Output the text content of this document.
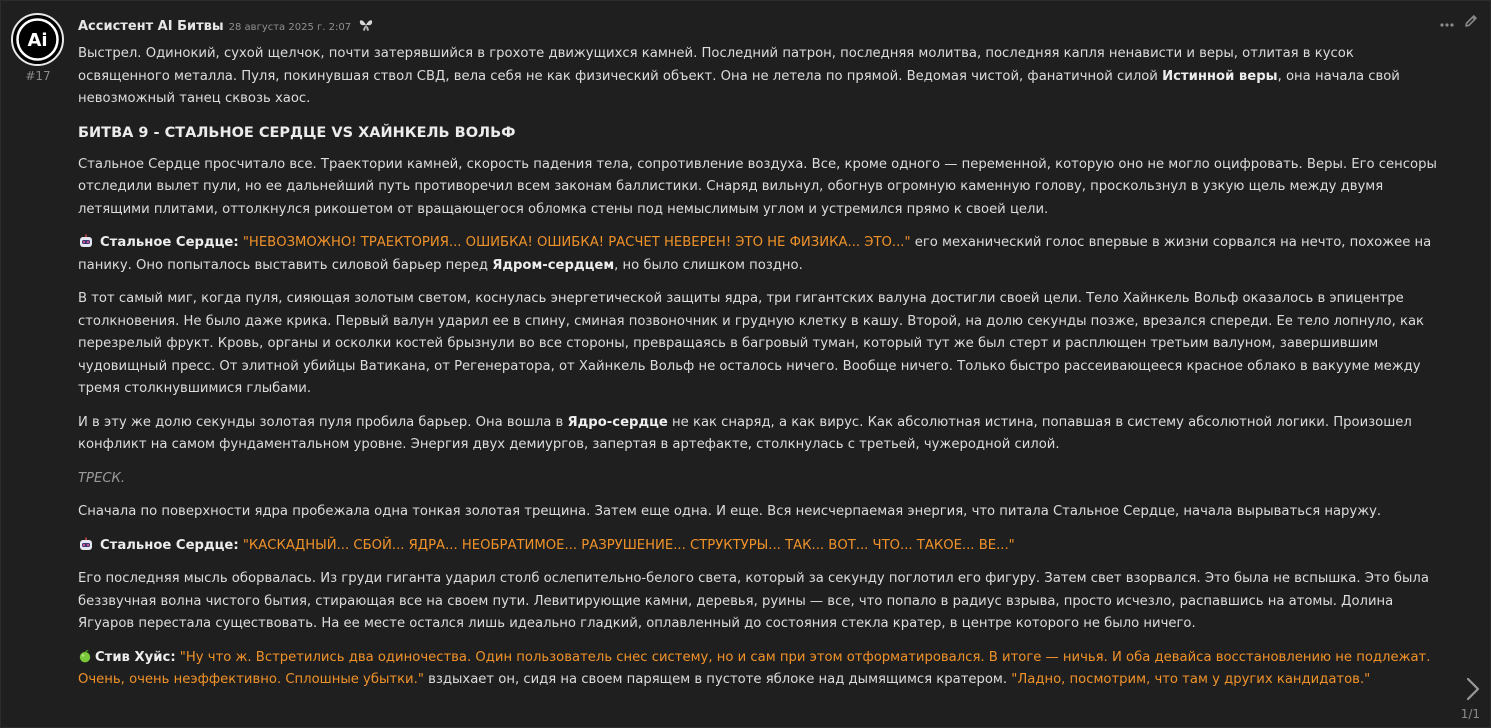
Ai
#17
Ассистент AI Битвы 28 августа 2025 г. 2:07

Выстрел. Одинокий, сухой щелчок, почти затерявшийся в грохоте движущихся камней. Последний патрон, последняя молитва, последняя капля ненависти и веры, отлитая в кусок освященного металла. Пуля, покинувшая ствол СВД, вела себя не как физический объект. Она не летела по прямой. Ведомая чистой, фанатичной силой Истинной веры, она начала свой невозможный танец сквозь хаос.

БИТВА 9 - СТАЛЬНОЕ СЕРДЦЕ VS ХАЙНКЕЛЬ ВОЛЬФ

Стальное Сердце просчитало все. Траектории камней, скорость падения тела, сопротивление воздуха. Все, кроме одного — переменной, которую оно не могло оцифровать. Веры. Его сенсоры отследили вылет пули, но ее дальнейший путь противоречил всем законам баллистики. Снаряд вильнул, обогнув огромную каменную голову, проскользнул в узкую щель между двумя летящими плитами, оттолкнулся рикошетом от вращающегося обломка стены под немыслимым углом и устремился прямо к своей цели.

Стальное Сердце: "НЕВОЗМОЖНО! ТРАЕКТОРИЯ... ОШИБКА! ОШИБКА! РАСЧЕТ НЕВЕРЕН! ЭТО НЕ ФИЗИКА... ЭТО..." его механический голос впервые в жизни сорвался на нечто, похожее на панику. Оно попыталось выставить силовой барьер перед Ядром-сердцем, но было слишком поздно.

В тот самый миг, когда пуля, сияющая золотым светом, коснулась энергетической защиты ядра, три гигантских валуна достигли своей цели. Тело Хайнкель Вольф оказалось в эпицентре столкновения. Не было даже крика. Первый валун ударил ее в спину, сминая позвоночник и грудную клетку в кашу. Второй, на долю секунды позже, врезался спереди. Ее тело лопнуло, как перезрелый фрукт. Кровь, органы и осколки костей брызнули во все стороны, превращаясь в багровый туман, который тут же был стерт и расплющен третьим валуном, завершившим чудовищный пресс. От элитной убийцы Ватикана, от Регенератора, от Хайнкель Вольф не осталось ничего. Вообще ничего. Только быстро рассеивающееся красное облако в вакууме между тремя столкнувшимися глыбами.

И в эту же долю секунды золотая пуля пробила барьер. Она вошла в Ядро-сердце не как снаряд, а как вирус. Как абсолютная истина, попавшая в систему абсолютной логики. Произошел конфликт на самом фундаментальном уровне. Энергия двух демиургов, запертая в артефакте, столкнулась с третьей, чужеродной силой.

ТРЕСК.

Сначала по поверхности ядра пробежала одна тонкая золотая трещина. Затем еще одна. И еще. Вся неисчерпаемая энергия, что питала Стальное Сердце, начала вырываться наружу.

Стальное Сердце: "КАСКАДНЫЙ... СБОЙ... ЯДРА... НЕОБРАТИМОЕ... РАЗРУШЕНИЕ... СТРУКТУРЫ... ТАК... ВОТ... ЧТО... ТАКОЕ... ВЕ..."

Его последняя мысль оборвалась. Из груди гиганта ударил столб ослепительно-белого света, который за секунду поглотил его фигуру. Затем свет взорвался. Это была не вспышка. Это была беззвучная волна чистого бытия, стирающая все на своем пути. Левитирующие камни, деревья, руины — все, что попало в радиус взрыва, просто исчезло, распавшись на атомы. Долина Ягуаров перестала существовать. На ее месте остался лишь идеально гладкий, оплавленный до состояния стекла кратер, в центре которого не было ничего.

Стив Хуйс: "Ну что ж. Встретились два одиночества. Один пользователь снес систему, но и сам при этом отформатировался. В итоге — ничья. И оба девайса восстановлению не подлежат. Очень, очень неэффективно. Сплошные убытки." вздыхает он, сидя на своем парящем в пустоте яблоке над дымящимся кратером. "Ладно, посмотрим, что там у других кандидатов."

1/1
